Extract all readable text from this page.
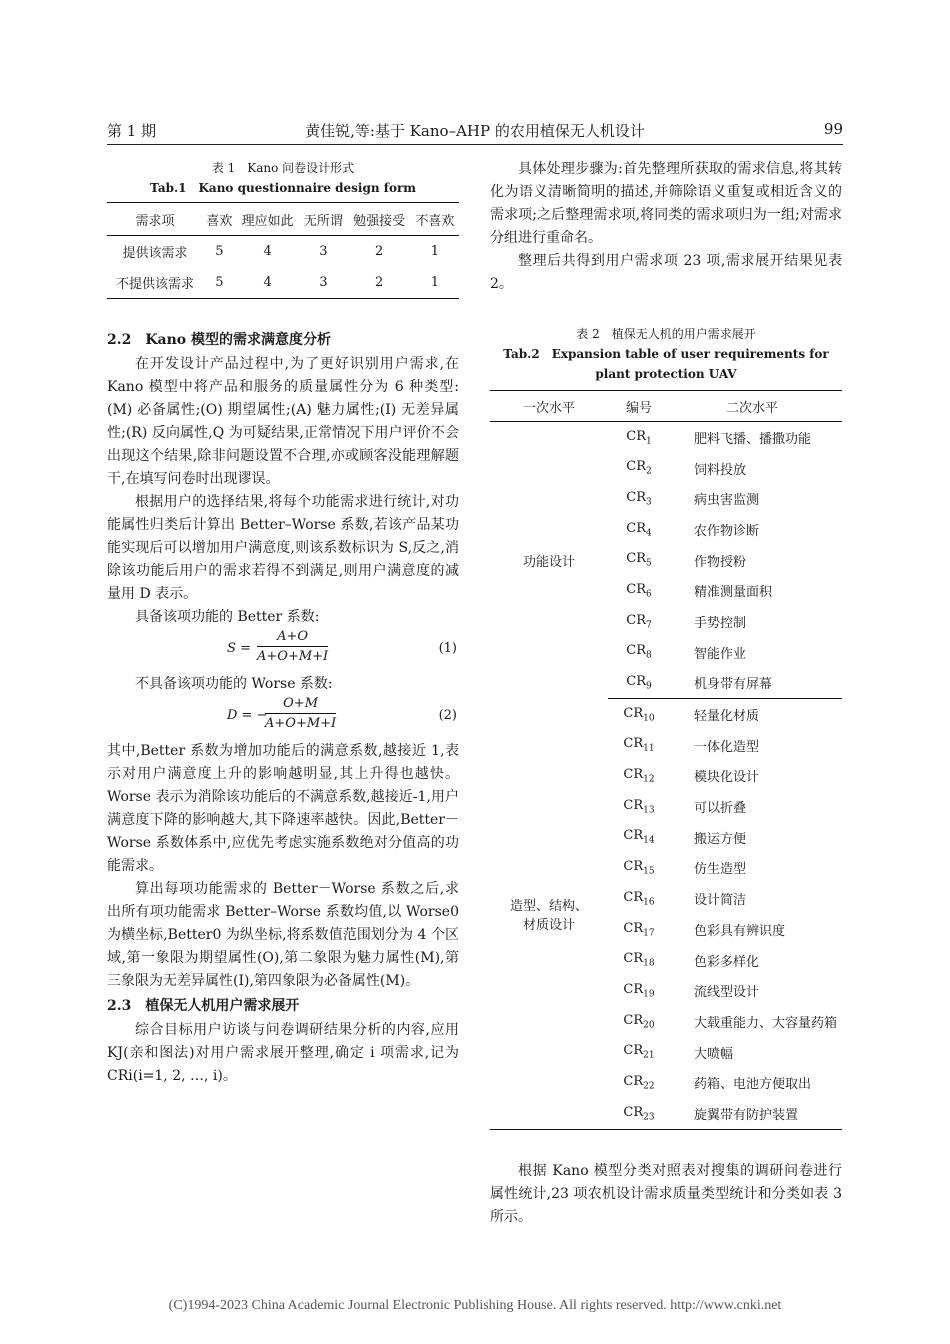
第 1 期	黄佳锐,等:基于 Kano–AHP 的农用植保无人机设计	99
表 1　Kano 问卷设计形式
Tab.1　Kano questionnaire design form
需求项	喜欢	理应如此	无所谓	勉强接受	不喜欢
提供该需求	5	4	3	2	1
不提供该需求	5	4	3	2	1
2.2　Kano 模型的需求满意度分析

在开发设计产品过程中,为了更好识别用户需求,在 Kano 模型中将产品和服务的质量属性分为 6 种类型:(M) 必备属性;(O) 期望属性;(A) 魅力属性;(I) 无差异属性;(R) 反向属性,Q 为可疑结果,正常情况下用户评价不会出现这个结果,除非问题设置不合理,亦或顾客没能理解题干,在填写问卷时出现谬误。

根据用户的选择结果,将每个功能需求进行统计,对功能属性归类后计算出 Better–Worse 系数,若该产品某功能实现后可以增加用户满意度,则该系数标识为 S,反之,消除该功能后用户的需求若得不到满足,则用户满意度的减量用 D 表示。

具备该项功能的 Better 系数:

S =
A+O
A+O+M+I
(1)

不具备该项功能的 Worse 系数:

D = −
O+M
A+O+M+I
(2)

其中,Better 系数为增加功能后的满意系数,越接近 1,表示对用户满意度上升的影响越明显,其上升得也越快。Worse 表示为消除该功能后的不满意系数,越接近-1,用户满意度下降的影响越大,其下降速率越快。因此,Better－Worse 系数体系中,应优先考虑实施系数绝对分值高的功能需求。

算出每项功能需求的 Better－Worse 系数之后,求出所有项功能需求 Better–Worse 系数均值,以 Worse0 为横坐标,Better0 为纵坐标,将系数值范围划分为 4 个区域,第一象限为期望属性(O),第二象限为魅力属性(M),第三象限为无差异属性(I),第四象限为必备属性(M)。

2.3　植保无人机用户需求展开

综合目标用户访谈与问卷调研结果分析的内容,应用 KJ(亲和图法)对用户需求展开整理,确定 i 项需求,记为 CRi(i=1, 2, …, i)。

具体处理步骤为:首先整理所获取的需求信息,将其转化为语义清晰简明的描述,并筛除语义重复或相近含义的需求项;之后整理需求项,将同类的需求项归为一组;对需求分组进行重命名。

整理后共得到用户需求项 23 项,需求展开结果见表 2。

表 2　植保无人机的用户需求展开
Tab.2　Expansion table of user requirements for
plant protection UAV
一次水平	编号	二次水平
功能设计	$CR_1$	肥料飞播、播撒功能
	$CR_2$	饲料投放
	$CR_3$	病虫害监测
	$CR_4$	农作物诊断
	$CR_5$	作物授粉
	$CR_6$	精准测量面积
	$CR_7$	手势控制
	$CR_8$	智能作业
	$CR_9$	机身带有屏幕
造型、结构、
材质设计	$CR_{10}$	轻量化材质
	$CR_{11}$	一体化造型
	$CR_{12}$	模块化设计
	$CR_{13}$	可以折叠
	$CR_{14}$	搬运方便
	$CR_{15}$	仿生造型
	$CR_{16}$	设计简洁
	$CR_{17}$	色彩具有辨识度
	$CR_{18}$	色彩多样化
	$CR_{19}$	流线型设计
	$CR_{20}$	大载重能力、大容量药箱
	$CR_{21}$	大喷幅
	$CR_{22}$	药箱、电池方便取出
	$CR_{23}$	旋翼带有防护装置

根据 Kano 模型分类对照表对搜集的调研问卷进行属性统计,23 项农机设计需求质量类型统计和分类如表 3 所示。

(C)1994-2023 China Academic Journal Electronic Publishing House. All rights reserved. http://www.cnki.net
